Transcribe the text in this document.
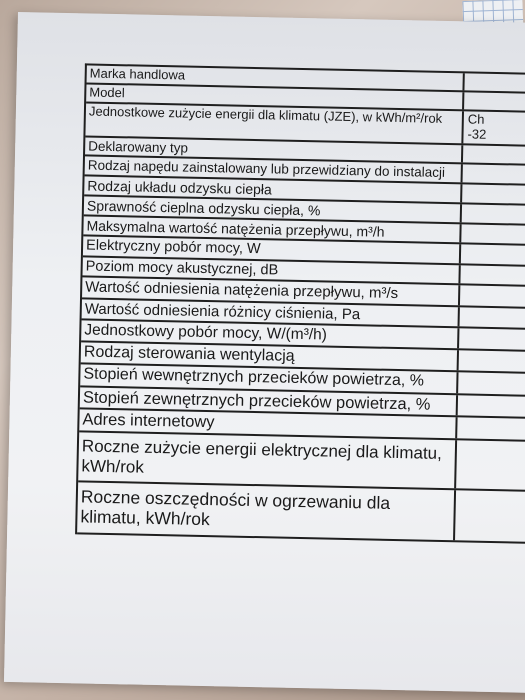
Marka handlowa
Model
Jednostkowe zużycie energii dla klimatu (JZE), w kWh/m²/rok	Ch
-32
Deklarowany typ
Rodzaj napędu zainstalowany lub przewidziany do instalacji
Rodzaj układu odzysku ciepła
Sprawność cieplna odzysku ciepła, %
Maksymalna wartość natężenia przepływu, m³/h
Elektryczny pobór mocy, W
Poziom mocy akustycznej, dB
Wartość odniesienia natężenia przepływu, m³/s
Wartość odniesienia różnicy ciśnienia, Pa
Jednostkowy pobór mocy, W/(m³/h)
Rodzaj sterowania wentylacją
Stopień wewnętrznych przecieków powietrza, %
Stopień zewnętrznych przecieków powietrza, %
Adres internetowy
Roczne zużycie energii elektrycznej dla klimatu, kWh/rok
Roczne oszczędności w ogrzewaniu dla klimatu, kWh/rok
